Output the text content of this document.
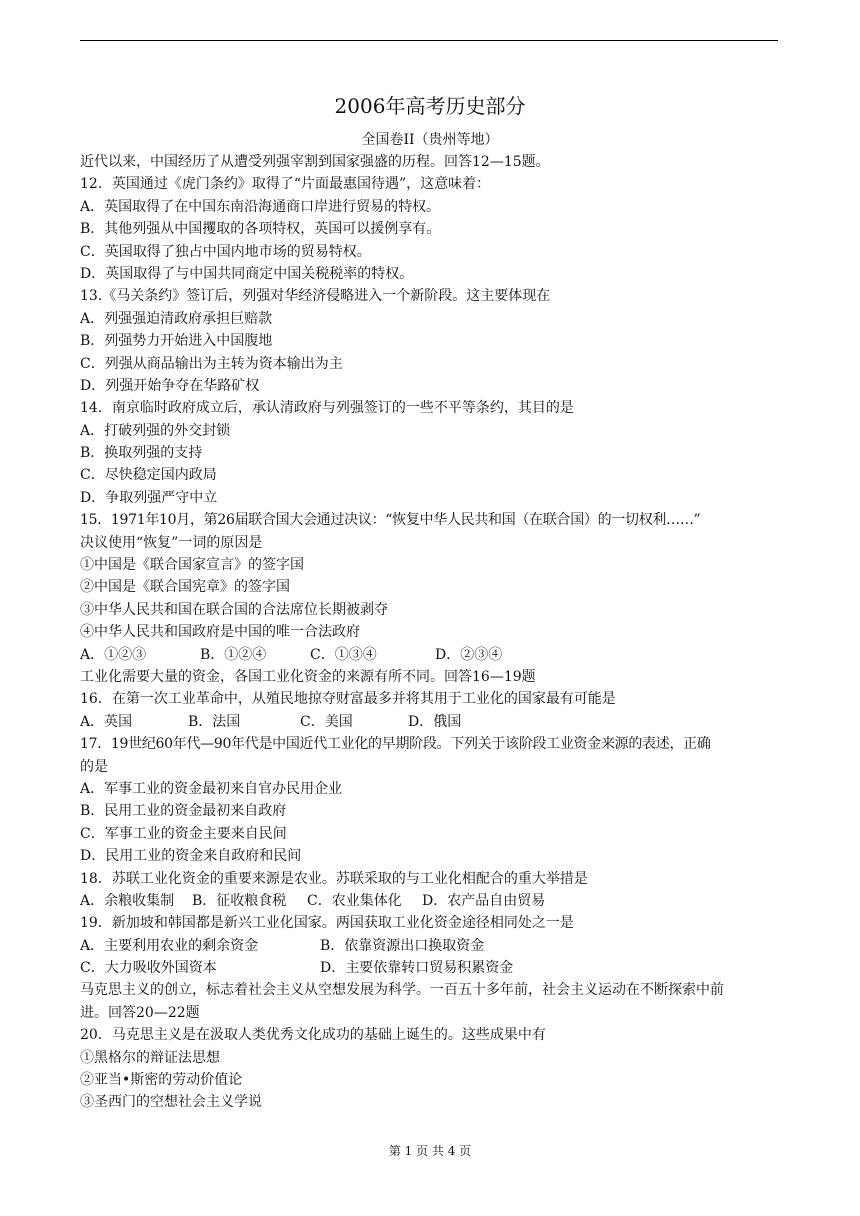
2006年高考历史部分
全国卷II（贵州等地）
近代以来，中国经历了从遭受列强宰割到国家强盛的历程。回答12—15题。
12．英国通过《虎门条约》取得了“片面最惠国待遇”，这意味着：
A．英国取得了在中国东南沿海通商口岸进行贸易的特权。
B．其他列强从中国攫取的各项特权，英国可以援例享有。
C．英国取得了独占中国内地市场的贸易特权。
D．英国取得了与中国共同商定中国关税税率的特权。
13.《马关条约》签订后，列强对华经济侵略进入一个新阶段。这主要体现在
A．列强强迫清政府承担巨赔款
B．列强势力开始进入中国腹地
C．列强从商品输出为主转为资本输出为主
D．列强开始争夺在华路矿权
14．南京临时政府成立后，承认清政府与列强签订的一些不平等条约，其目的是
A．打破列强的外交封锁
B．换取列强的支持
C．尽快稳定国内政局
D．争取列强严守中立
15．1971年10月，第26届联合国大会通过决议：“恢复中华人民共和国（在联合国）的一切权利……”
决议使用“恢复”一词的原因是
①中国是《联合国家宣言》的签字国
②中国是《联合国宪章》的签字国
③中华人民共和国在联合国的合法席位长期被剥夺
④中华人民共和国政府是中国的唯一合法政府
A．①②③	B．①②④	C．①③④	D．②③④
工业化需要大量的资金，各国工业化资金的来源有所不同。回答16—19题
16．在第一次工业革命中，从殖民地掠夺财富最多并将其用于工业化的国家最有可能是
A．英国	B．法国	C．美国	D．俄国
17．19世纪60年代—90年代是中国近代工业化的早期阶段。下列关于该阶段工业资金来源的表述，正确
的是
A．军事工业的资金最初来自官办民用企业
B．民用工业的资金最初来自政府
C．军事工业的资金主要来自民间
D．民用工业的资金来自政府和民间
18．苏联工业化资金的重要来源是农业。苏联采取的与工业化相配合的重大举措是
A．余粮收集制	B．征收粮食税	C．农业集体化	D．农产品自由贸易
19．新加坡和韩国都是新兴工业化国家。两国获取工业化资金途径相同处之一是
A．主要利用农业的剩余资金	B．依靠资源出口换取资金
C．大力吸收外国资本	D．主要依靠转口贸易积累资金
马克思主义的创立，标志着社会主义从空想发展为科学。一百五十多年前，社会主义运动在不断探索中前
进。回答20—22题
20．马克思主义是在汲取人类优秀文化成功的基础上诞生的。这些成果中有
①黑格尔的辩证法思想
②亚当•斯密的劳动价值论
③圣西门的空想社会主义学说
第 1 页 共 4 页
